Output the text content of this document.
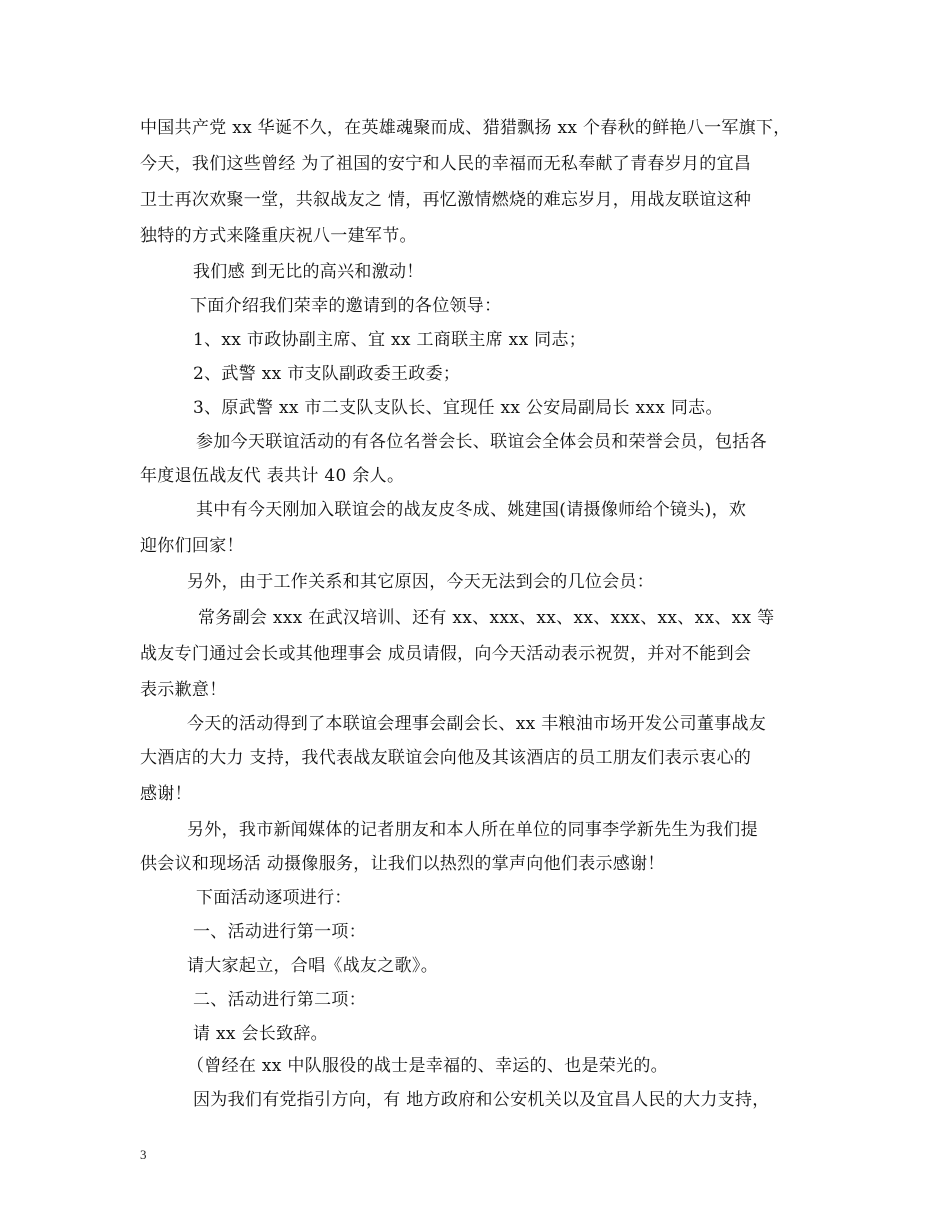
中国共产党 xx 华诞不久，在英雄魂聚而成、猎猎飘扬 xx 个春秋的鲜艳八一军旗下，
今天，我们这些曾经 为了祖国的安宁和人民的幸福而无私奉献了青春岁月的宜昌
卫士再次欢聚一堂，共叙战友之 情，再忆激情燃烧的难忘岁月，用战友联谊这种
独特的方式来隆重庆祝八一建军节。
我们感 到无比的高兴和激动！
下面介绍我们荣幸的邀请到的各位领导：
1、xx 市政协副主席、宜 xx 工商联主席 xx 同志；
2、武警 xx 市支队副政委王政委；
3、原武警 xx 市二支队支队长、宜现任 xx 公安局副局长 xxx 同志。
参加今天联谊活动的有各位名誉会长、联谊会全体会员和荣誉会员，包括各
年度退伍战友代 表共计 40 余人。
其中有今天刚加入联谊会的战友皮冬成、姚建国(请摄像师给个镜头)，欢
迎你们回家！
另外，由于工作关系和其它原因，今天无法到会的几位会员：
常务副会 xxx 在武汉培训、还有 xx、xxx、xx、xx、xxx、xx、xx、xx 等
战友专门通过会长或其他理事会 成员请假，向今天活动表示祝贺，并对不能到会
表示歉意！
今天的活动得到了本联谊会理事会副会长、xx 丰粮油市场开发公司董事战友
大酒店的大力 支持，我代表战友联谊会向他及其该酒店的员工朋友们表示衷心的
感谢！
另外，我市新闻媒体的记者朋友和本人所在单位的同事李学新先生为我们提
供会议和现场活 动摄像服务，让我们以热烈的掌声向他们表示感谢！
下面活动逐项进行：
一、活动进行第一项：
请大家起立，合唱《战友之歌》。
二、活动进行第二项：
请 xx 会长致辞。
（曾经在 xx 中队服役的战士是幸福的、幸运的、也是荣光的。
因为我们有党指引方向，有 地方政府和公安机关以及宜昌人民的大力支持，
3
